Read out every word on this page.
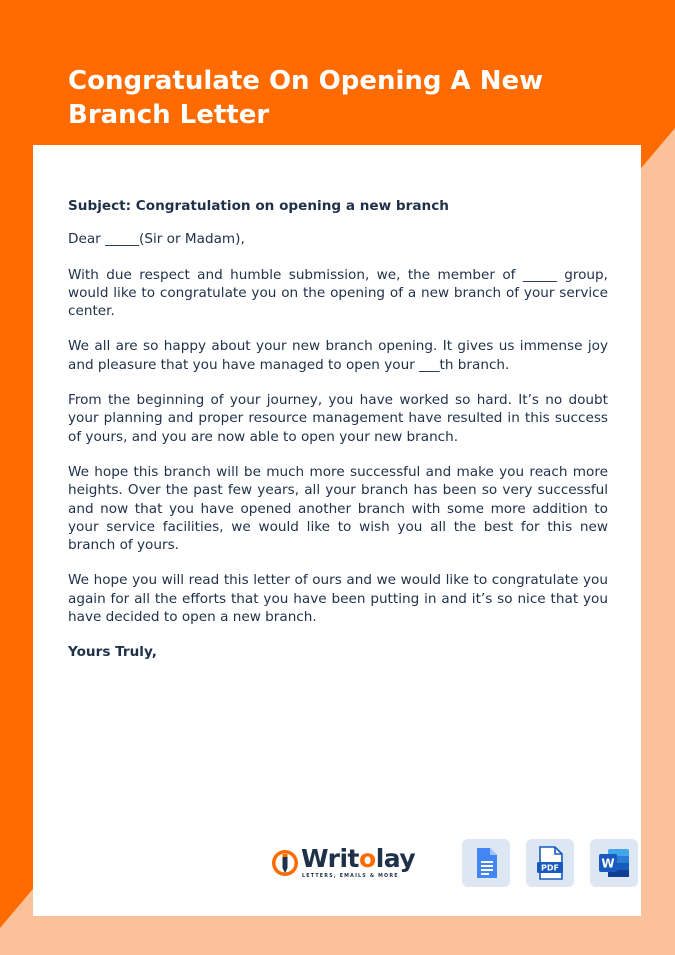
Congratulate On Opening A New Branch Letter

Subject: Congratulation on opening a new branch

Dear _____(Sir or Madam),

With due respect and humble submission, we, the member of _____ group, would like to congratulate you on the opening of a new branch of your service center.

We all are so happy about your new branch opening. It gives us immense joy and pleasure that you have managed to open your ___th branch.

From the beginning of your journey, you have worked so hard. It’s no doubt your planning and proper resource management have resulted in this success of yours, and you are now able to open your new branch.

We hope this branch will be much more successful and make you reach more heights. Over the past few years, all your branch has been so very successful and now that you have opened another branch with some more addition to your service facilities, we would like to wish you all the best for this new branch of yours.

We hope you will read this letter of ours and we would like to congratulate you again for all the efforts that you have been putting in and it’s so nice that you have decided to open a new branch.

Yours Truly,

Writolay
LETTERS, EMAILS & MORE
PDF	W
